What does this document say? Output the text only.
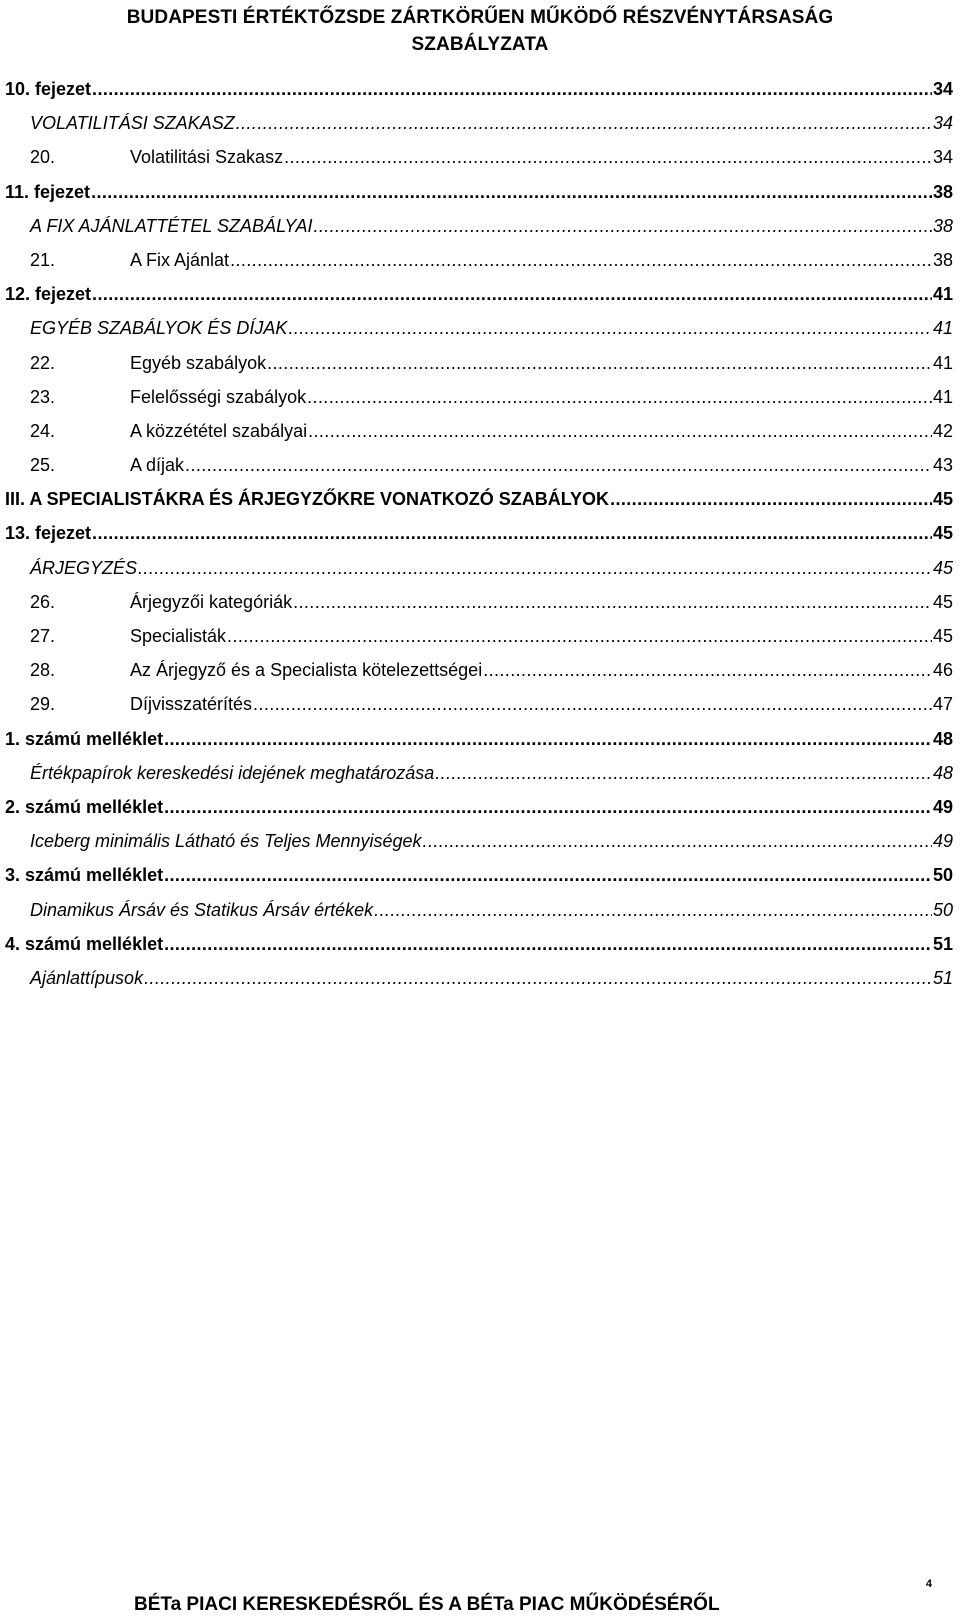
BUDAPESTI ÉRTÉKTŐZSDE ZÁRTKÖRŰEN MŰKÖDŐ RÉSZVÉNYTÁRSASÁG
SZABÁLYZATA
10. fejezet .....	34
VOLATILITÁSI SZAKASZ .....	34
20.	Volatilitási Szakasz .....	34
11. fejezet .....	38
A FIX AJÁNLATTÉTEL SZABÁLYAI .....	38
21.	A Fix Ajánlat .....	38
12. fejezet .....	41
EGYÉB SZABÁLYOK ÉS DÍJAK .....	41
22.	Egyéb szabályok .....	41
23.	Felelősségi szabályok .....	41
24.	A közzététel szabályai .....	42
25.	A díjak .....	43
III. A SPECIALISTÁKRA ÉS ÁRJEGYZŐKRE VONATKOZÓ SZABÁLYOK .....	45
13. fejezet .....	45
ÁRJEGYZÉS .....	45
26.	Árjegyzői kategóriák .....	45
27.	Specialisták .....	45
28.	Az Árjegyző és a Specialista kötelezettségei .....	46
29.	Díjvisszatérítés .....	47
1. számú melléklet .....	48
Értékpapírok kereskedési idejének meghatározása .....	48
2. számú melléklet .....	49
Iceberg minimális Látható és Teljes Mennyiségek .....	49
3. számú melléklet .....	50
Dinamikus Ársáv és Statikus Ársáv értékek .....	50
4. számú melléklet .....	51
Ajánlattípusok .....	51
BÉTa PIACI KERESKEDÉSRŐL ÉS A BÉTa PIAC MŰKÖDÉSÉRŐL
4
